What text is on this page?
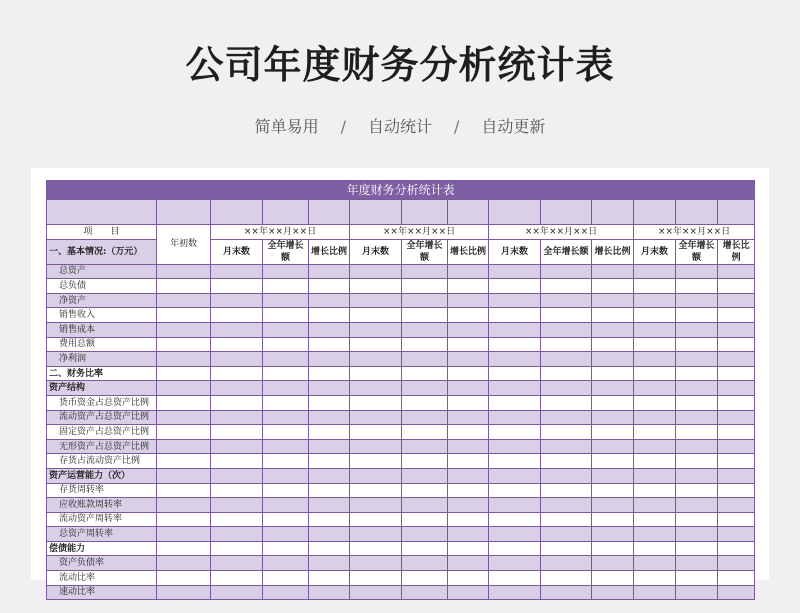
公司年度财务分析统计表
简单易用 / 自动统计 / 自动更新
年度财务分析统计表													

项　　目	年初数	××年××月××日			××年××月××日			××年××月××日			××年××月××日		
一、基本情况:（万元）		月末数	全年增长额	增长比例	月末数	全年增长额	增长比例	月末数	全年增长额	增长比例	月末数	全年增长额	增长比例

总资产													
总负债													
净资产													
销售收入													
销售成本													
费用总额													
净利润													
二、财务比率													
资产结构													
货币资金占总资产比例													
流动资产占总资产比例													
固定资产占总资产比例													
无形资产占总资产比例													
存货占流动资产比例													
资产运营能力（次）													
存货周转率													
应收账款周转率													
流动资产周转率													
总资产周转率													
偿债能力													
资产负债率													
流动比率													
速动比率													
